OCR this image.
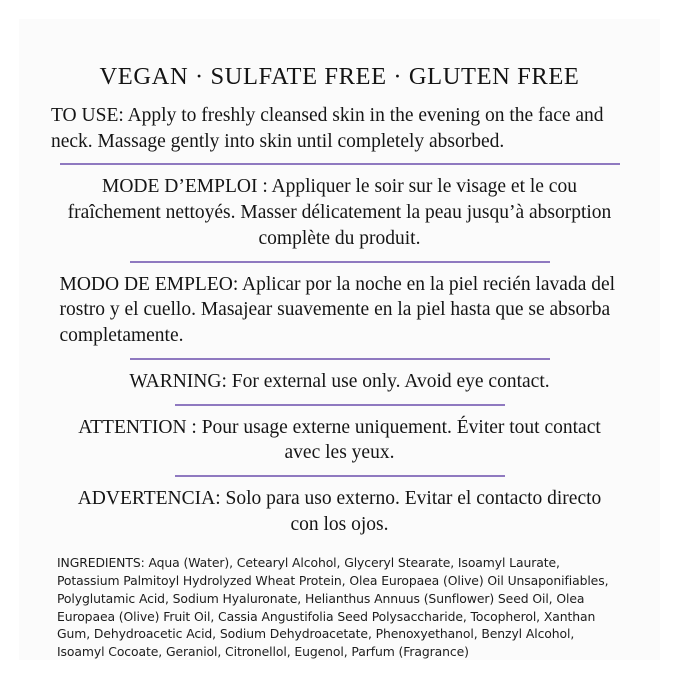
VEGAN · SULFATE FREE · GLUTEN FREE
TO USE: Apply to freshly cleansed skin in the evening on the face and neck. Massage gently into skin until completely absorbed.
MODE D’EMPLOI : Appliquer le soir sur le visage et le cou fraîchement nettoyés. Masser délicatement la peau jusqu’à absorption complète du produit.
MODO DE EMPLEO: Aplicar por la noche en la piel recién lavada del rostro y el cuello. Masajear suavemente en la piel hasta que se absorba completamente.
WARNING: For external use only. Avoid eye contact.
ATTENTION : Pour usage externe uniquement. Éviter tout contact avec les yeux.
ADVERTENCIA: Solo para uso externo. Evitar el contacto directo con los ojos.
INGREDIENTS: Aqua (Water), Cetearyl Alcohol, Glyceryl Stearate, Isoamyl Laurate, Potassium Palmitoyl Hydrolyzed Wheat Protein, Olea Europaea (Olive) Oil Unsaponifiables, Polyglutamic Acid, Sodium Hyaluronate, Helianthus Annuus (Sunflower) Seed Oil, Olea Europaea (Olive) Fruit Oil, Cassia Angustifolia Seed Polysaccharide, Tocopherol, Xanthan Gum, Dehydroacetic Acid, Sodium Dehydroacetate, Phenoxyethanol, Benzyl Alcohol, Isoamyl Cocoate, Geraniol, Citronellol, Eugenol, Parfum (Fragrance)
